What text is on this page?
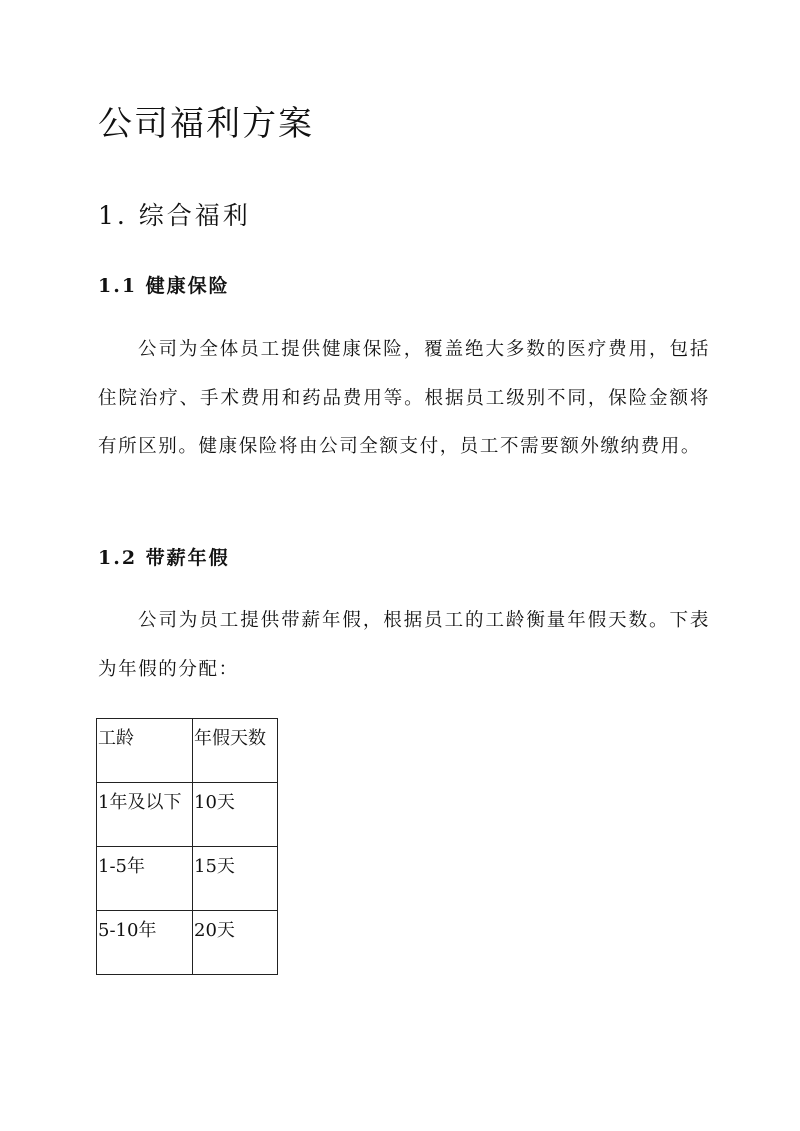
公司福利方案
1. 综合福利
1.1 健康保险

公司为全体员工提供健康保险，覆盖绝大多数的医疗费用，包括住院治疗、手术费用和药品费用等。根据员工级别不同，保险金额将有所区别。健康保险将由公司全额支付，员工不需要额外缴纳费用。

1.2 带薪年假

公司为员工提供带薪年假，根据员工的工龄衡量年假天数。下表为年假的分配：

工龄	年假天数
1年及以下	10天
1-5年	15天
5-10年	20天
